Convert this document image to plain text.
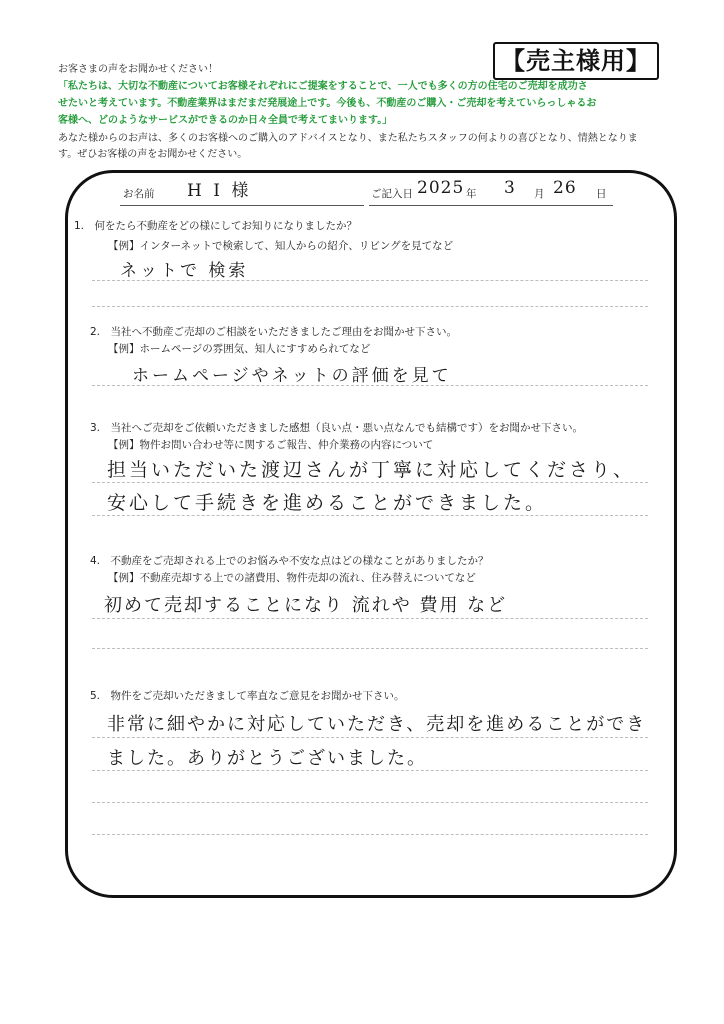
お客さまの声をお聞かせください！
「私たちは、大切な不動産についてお客様それぞれにご提案をすることで、一人でも多くの方の住宅のご売却を成功さ
せたいと考えています。不動産業界はまだまだ発展途上です。今後も、不動産のご購入・ご売却を考えていらっしゃるお
客様へ、どのようなサービスができるのか日々全員で考えてまいります。」
あなた様からのお声は、多くのお客様へのご購入のアドバイスとなり、また私たちスタッフの何よりの喜びとなり、情熱となりま
す。ぜひお客様の声をお聞かせください。
【売主様用】
お名前 H I 様	ご記入日 2025 年 3 月 26 日
1.　何をたら不動産をどの様にしてお知りになりましたか？
【例】インターネットで検索して、知人からの紹介、リビングを見てなど
ネットで 検索
2.　当社へ不動産ご売却のご相談をいただきましたご理由をお聞かせ下さい。
【例】ホームページの雰囲気、知人にすすめられてなど
ホームページやネットの評価を見て
3.　当社へご売却をご依頼いただきました感想（良い点・悪い点なんでも結構です）をお聞かせ下さい。
【例】物件お問い合わせ等に関するご報告、仲介業務の内容について
担当いただいた渡辺さんが丁寧に対応してくださり、
安心して手続きを進めることができました。
4.　不動産をご売却される上でのお悩みや不安な点はどの様なことがありましたか？
【例】不動産売却する上での諸費用、物件売却の流れ、住み替えについてなど
初めて売却することになり 流れや 費用 など
5.　物件をご売却いただきまして率直なご意見をお聞かせ下さい。
非常に細やかに対応していただき、売却を進めることができ
ました。ありがとうございました。
